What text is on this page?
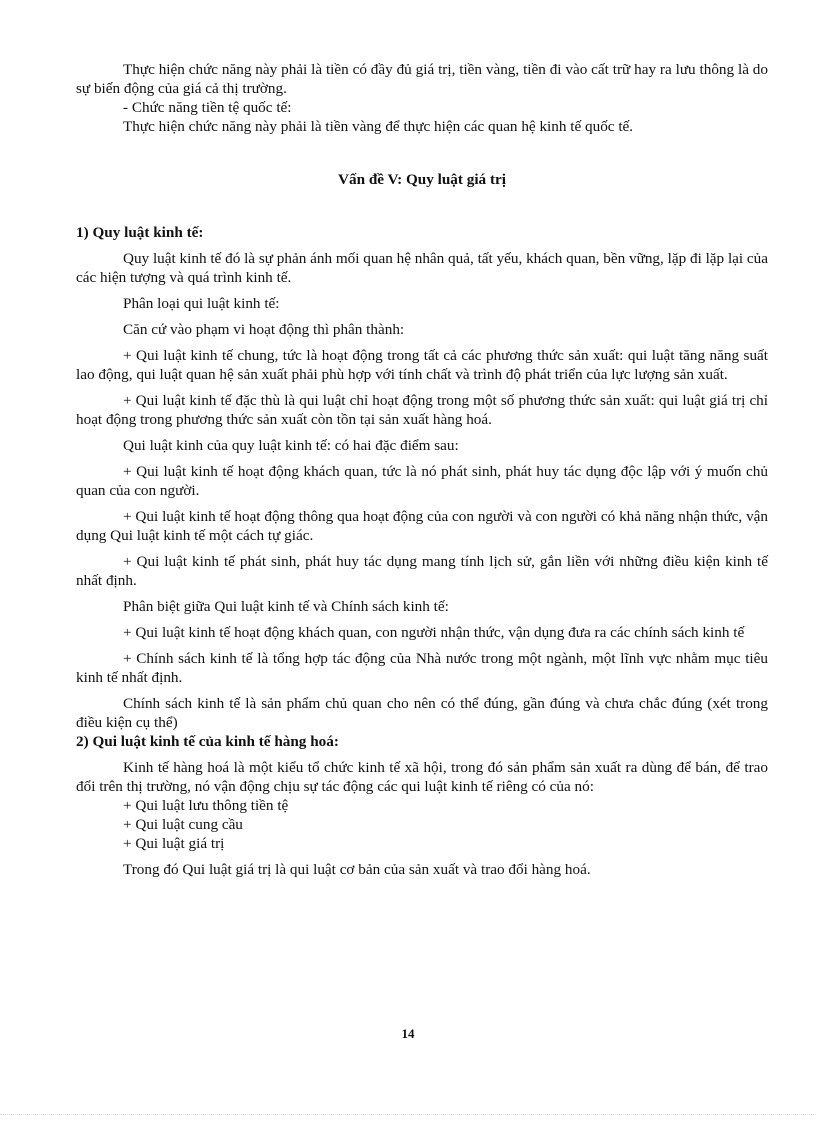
Thực hiện chức năng này phải là tiền có đầy đủ giá trị, tiền vàng, tiền đi vào cất trữ hay ra lưu thông là do sự biến động của giá cả thị trường.

- Chức năng tiền tệ quốc tế:

Thực hiện chức năng này phải là tiền vàng để thực hiện các quan hệ kinh tế quốc tế.

Vấn đề V: Quy luật giá trị

1) Quy luật kinh tế:

Quy luật kinh tế đó là sự phản ánh mối quan hệ nhân quả, tất yếu, khách quan, bền vững, lặp đi lặp lại của các hiện tượng và quá trình kinh tế.

Phân loại qui luật kinh tế:

Căn cứ vào phạm vi hoạt động thì phân thành:

+ Qui luật kinh tế chung, tức là hoạt động trong tất cả các phương thức sản xuất: qui luật tăng năng suất lao động, qui luật quan hệ sản xuất phải phù hợp với tính chất và trình độ phát triển của lực lượng sản xuất.

+ Qui luật kinh tế đặc thù là qui luật chỉ hoạt động trong một số phương thức sản xuất: qui luật giá trị chỉ hoạt động trong phương thức sản xuất còn tồn tại sản xuất hàng hoá.

Qui luật kinh của quy luật kinh tế: có hai đặc điểm sau:

+ Qui luật kinh tế hoạt động khách quan, tức là nó phát sinh, phát huy tác dụng độc lập với ý muốn chủ quan của con người.

+ Qui luật kinh tế hoạt động thông qua hoạt động của con người và con người có khả năng nhận thức, vận dụng Qui luật kinh tế một cách tự giác.

+ Qui luật kinh tế phát sinh, phát huy tác dụng mang tính lịch sử, gắn liền với những điều kiện kinh tế nhất định.

Phân biệt giữa Qui luật kinh tế và Chính sách kinh tế:

+ Qui luật kinh tế hoạt động khách quan, con người nhận thức, vận dụng đưa ra các chính sách kinh tế

+ Chính sách kinh tế là tổng hợp tác động của Nhà nước trong một ngành, một lĩnh vực nhằm mục tiêu kinh tế nhất định.

Chính sách kinh tế là sản phẩm chủ quan cho nên có thể đúng, gần đúng và chưa chắc đúng (xét trong điều kiện cụ thể)

2) Qui luật kinh tế của kinh tế hàng hoá:

Kinh tế hàng hoá là một kiểu tổ chức kinh tế xã hội, trong đó sản phẩm sản xuất ra dùng để bán, để trao đổi trên thị trường, nó vận động chịu sự tác động các qui luật kinh tế riêng có của nó:

+ Qui luật lưu thông tiền tệ

+ Qui luật cung cầu

+ Qui luật giá trị

Trong đó Qui luật giá trị là qui luật cơ bản của sản xuất và trao đổi hàng hoá.

14
